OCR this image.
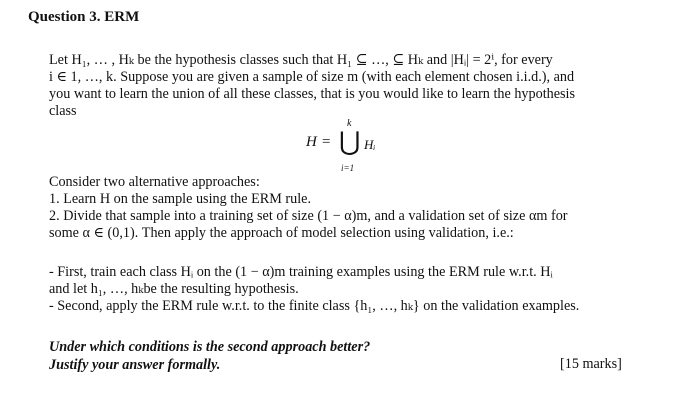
Question 3. ERM
Let H₁, … , Hₖ be the hypothesis classes such that H₁ ⊆ …, ⊆ Hₖ and |Hᵢ| = 2ⁱ, for every
i ∈ 1, …, k. Suppose you are given a sample of size m (with each element chosen i.i.d.), and
you want to learn the union of all these classes, that is you would like to learn the hypothesis
class
H =
k
⋃ Hᵢ
i=1
Consider two alternative approaches:
1. Learn H on the sample using the ERM rule.
2. Divide that sample into a training set of size (1 − α)m, and a validation set of size αm for
some α ∈ (0,1). Then apply the approach of model selection using validation, i.e.:
- First, train each class Hᵢ on the (1 − α)m training examples using the ERM rule w.r.t. Hᵢ
and let h₁, …, hₖbe the resulting hypothesis.
- Second, apply the ERM rule w.r.t. to the finite class {h₁, …, hₖ} on the validation examples.
Under which conditions is the second approach better?
Justify your answer formally.	[15 marks]
